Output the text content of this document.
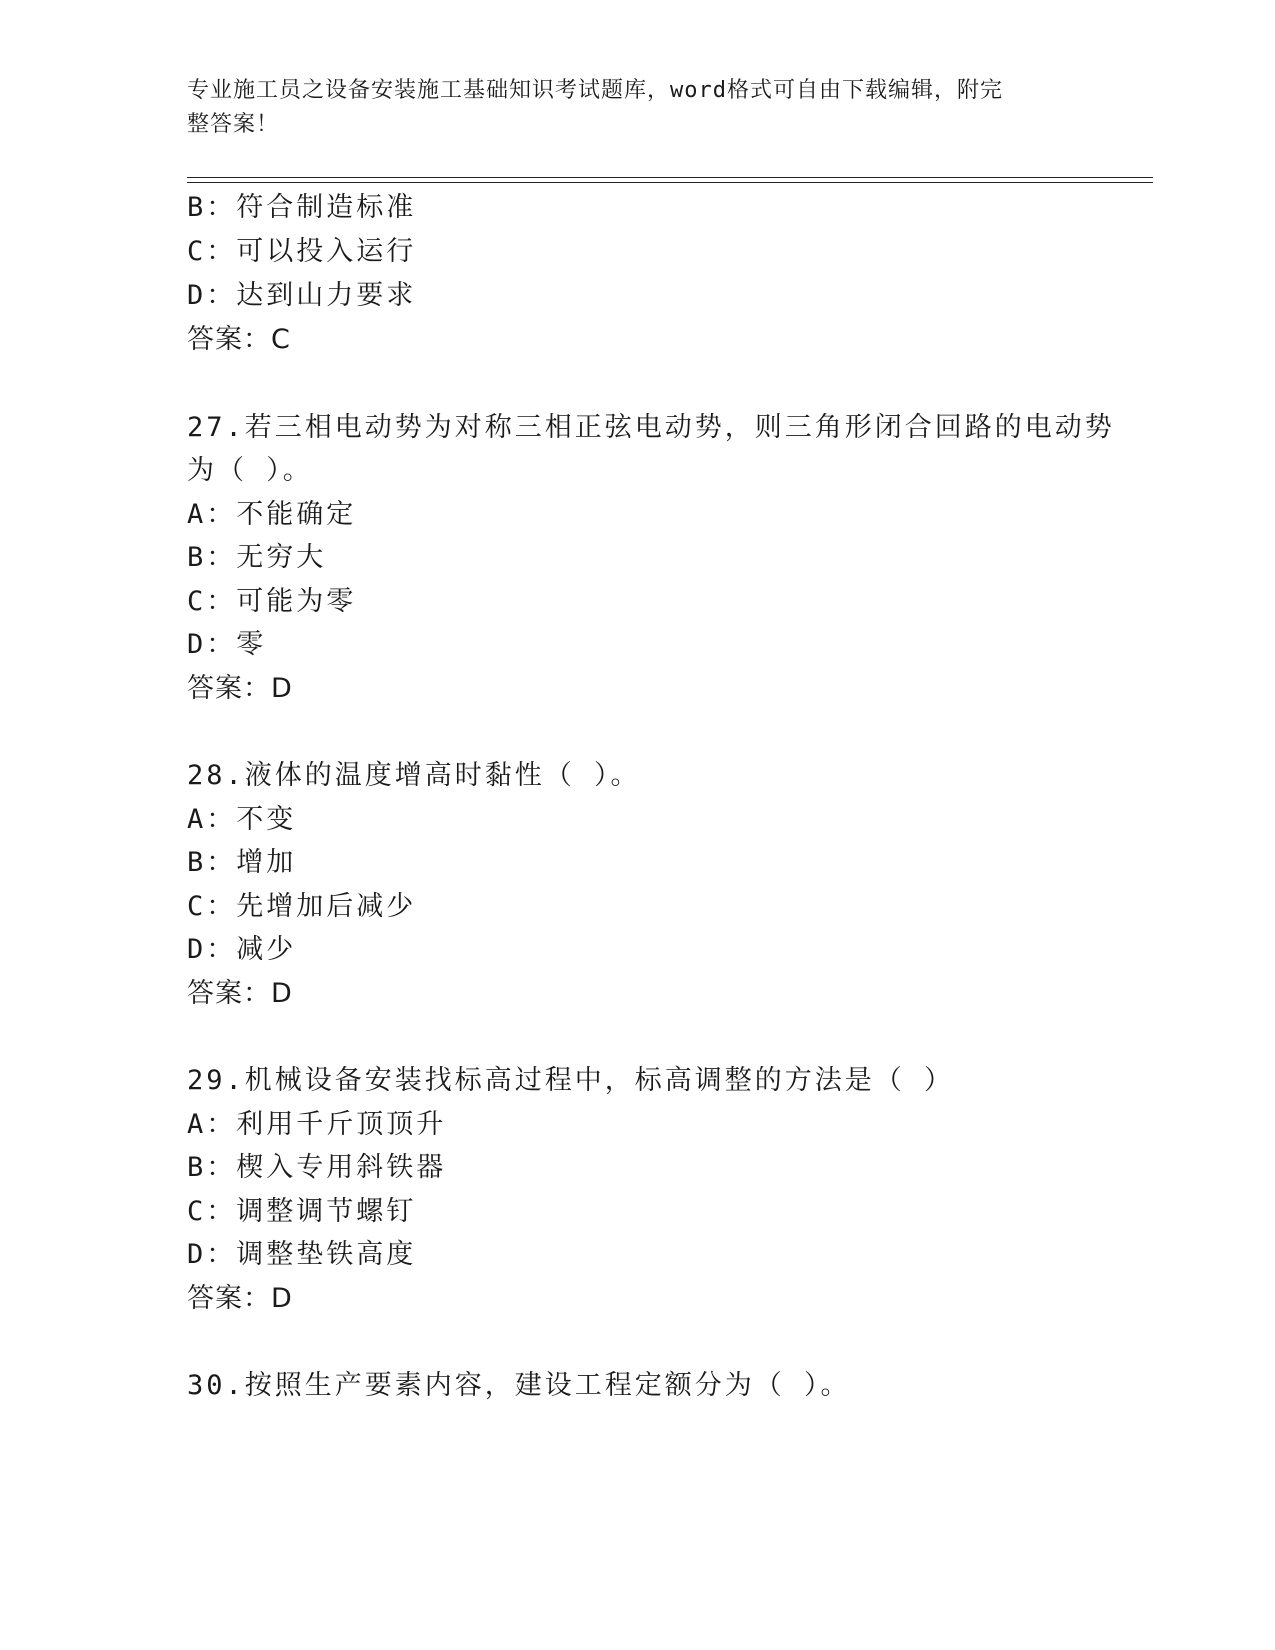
专业施工员之设备安装施工基础知识考试题库，word格式可自由下载编辑，附完
整答案！
B：符合制造标准
C：可以投入运行
D：达到山力要求
答案：C
27.若三相电动势为对称三相正弦电动势，则三角形闭合回路的电动势
为（ ）。
A：不能确定
B：无穷大
C：可能为零
D：零
答案：D
28.液体的温度增高时黏性（ ）。
A：不变
B：增加
C：先增加后减少
D：减少
答案：D
29.机械设备安装找标高过程中，标高调整的方法是（ ）
A：利用千斤顶顶升
B：楔入专用斜铁器
C：调整调节螺钉
D：调整垫铁高度
答案：D
30.按照生产要素内容，建设工程定额分为（ ）。
